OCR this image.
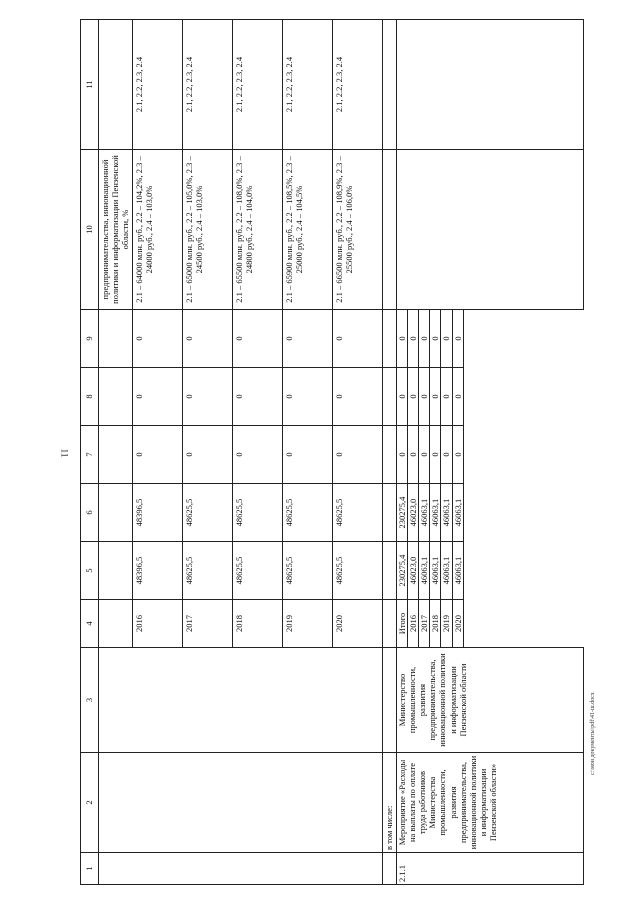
11
c:\мои документы\pdf\41-ш.docx
1	2	3	4	5	6	7	8	9	10	11
									предпринимательства, инновационной политики и информатизации Пензенской области, %	
			2016	48396,5	48396,5	0	0	0	2.1 – 64000 млн. руб., 2.2 – 104,2%, 2.3 – 24000 руб., 2.4 – 103,0%	2.1, 2.2, 2.3, 2.4
			2017	48625,5	48625,5	0	0	0	2.1 – 65000 млн. руб., 2.2 – 105,0%, 2.3 – 24500 руб., 2.4 – 103,0%	2.1, 2.2, 2.3, 2.4
			2018	48625,5	48625,5	0	0	0	2.1 – 65500 млн. руб., 2.2 – 108,0%, 2.3 – 24800 руб., 2.4 – 104,0%	2.1, 2.2, 2.3, 2.4
			2019	48625,5	48625,5	0	0	0	2.1 – 65900 млн. руб., 2.2 – 108,5%, 2.3 – 25000 руб., 2.4 – 104,5%	2.1, 2.2, 2.3, 2.4
			2020	48625,5	48625,5	0	0	0	2.1 – 66500 млн. руб., 2.2 – 108,9%, 2.3 – 25500 руб., 2.4 – 106,0%	2.1, 2.2, 2.3, 2.4
	в том числе:									
2.1.1	Мероприятие «Расходы на выплаты по оплате труда работников Министерства промышленности, развития предпринимательства, инновационной политики и информатизации Пензенской области»	Министерство промышленности, развития предпринимательства, инновационной политики и информатизации Пензенской области	Итого	230275,4	230275,4	0	0	0		
			2016	46023,0	46023,0	0	0	0		
			2017	46063,1	46063,1	0	0	0		
			2018	46063,1	46063,1	0	0	0		
			2019	46063,1	46063,1	0	0	0		
			2020	46063,1	46063,1	0	0	0		
